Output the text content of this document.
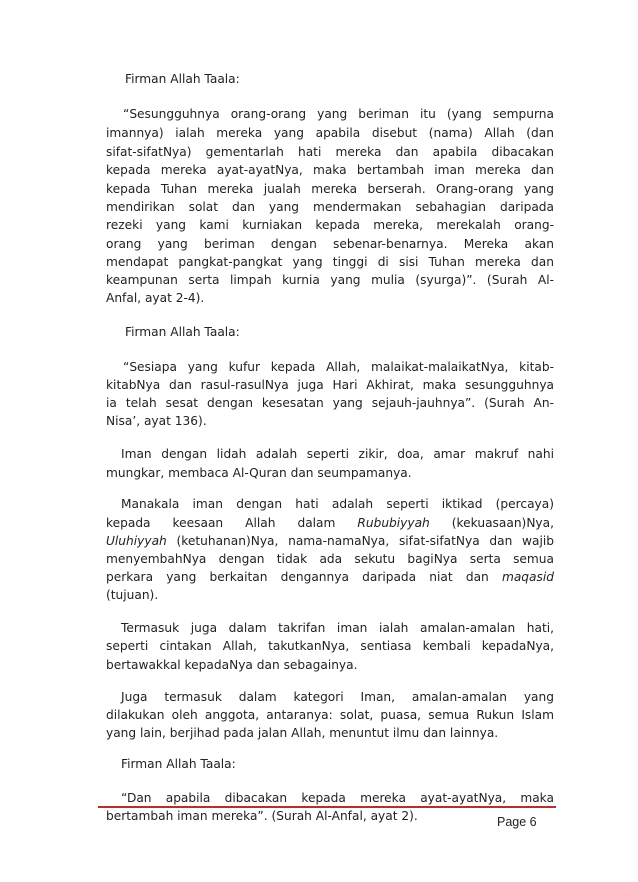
Firman Allah Taala:
“Sesungguhnya orang-orang yang beriman itu (yang sempurna
imannya) ialah mereka yang apabila disebut (nama) Allah (dan
sifat-sifatNya) gementarlah hati mereka dan apabila dibacakan
kepada mereka ayat-ayatNya, maka bertambah iman mereka dan
kepada Tuhan mereka jualah mereka berserah. Orang-orang yang
mendirikan solat dan yang mendermakan sebahagian daripada
rezeki yang kami kurniakan kepada mereka, merekalah orang-
orang yang beriman dengan sebenar-benarnya. Mereka akan
mendapat pangkat-pangkat yang tinggi di sisi Tuhan mereka dan
keampunan serta limpah kurnia yang mulia (syurga)”. (Surah Al-
Anfal, ayat 2-4).
Firman Allah Taala:
“Sesiapa yang kufur kepada Allah, malaikat-malaikatNya, kitab-
kitabNya dan rasul-rasulNya juga Hari Akhirat, maka sesungguhnya
ia telah sesat dengan kesesatan yang sejauh-jauhnya”. (Surah An-
Nisa’, ayat 136).
Iman dengan lidah adalah seperti zikir, doa, amar makruf nahi
mungkar, membaca Al-Quran dan seumpamanya.
Manakala iman dengan hati adalah seperti iktikad (percaya)
kepada keesaan Allah dalam Rububiyyah (kekuasaan)Nya,
Uluhiyyah (ketuhanan)Nya, nama-namaNya, sifat-sifatNya dan wajib
menyembahNya dengan tidak ada sekutu bagiNya serta semua
perkara yang berkaitan dengannya daripada niat dan maqasid
(tujuan).
Termasuk juga dalam takrifan iman ialah amalan-amalan hati,
seperti cintakan Allah, takutkanNya, sentiasa kembali kepadaNya,
bertawakkal kepadaNya dan sebagainya.
Juga termasuk dalam kategori Iman, amalan-amalan yang
dilakukan oleh anggota, antaranya: solat, puasa, semua Rukun Islam
yang lain, berjihad pada jalan Allah, menuntut ilmu dan lainnya.
Firman Allah Taala:
“Dan apabila dibacakan kepada mereka ayat-ayatNya, maka
bertambah iman mereka”. (Surah Al-Anfal, ayat 2).	Page 6
